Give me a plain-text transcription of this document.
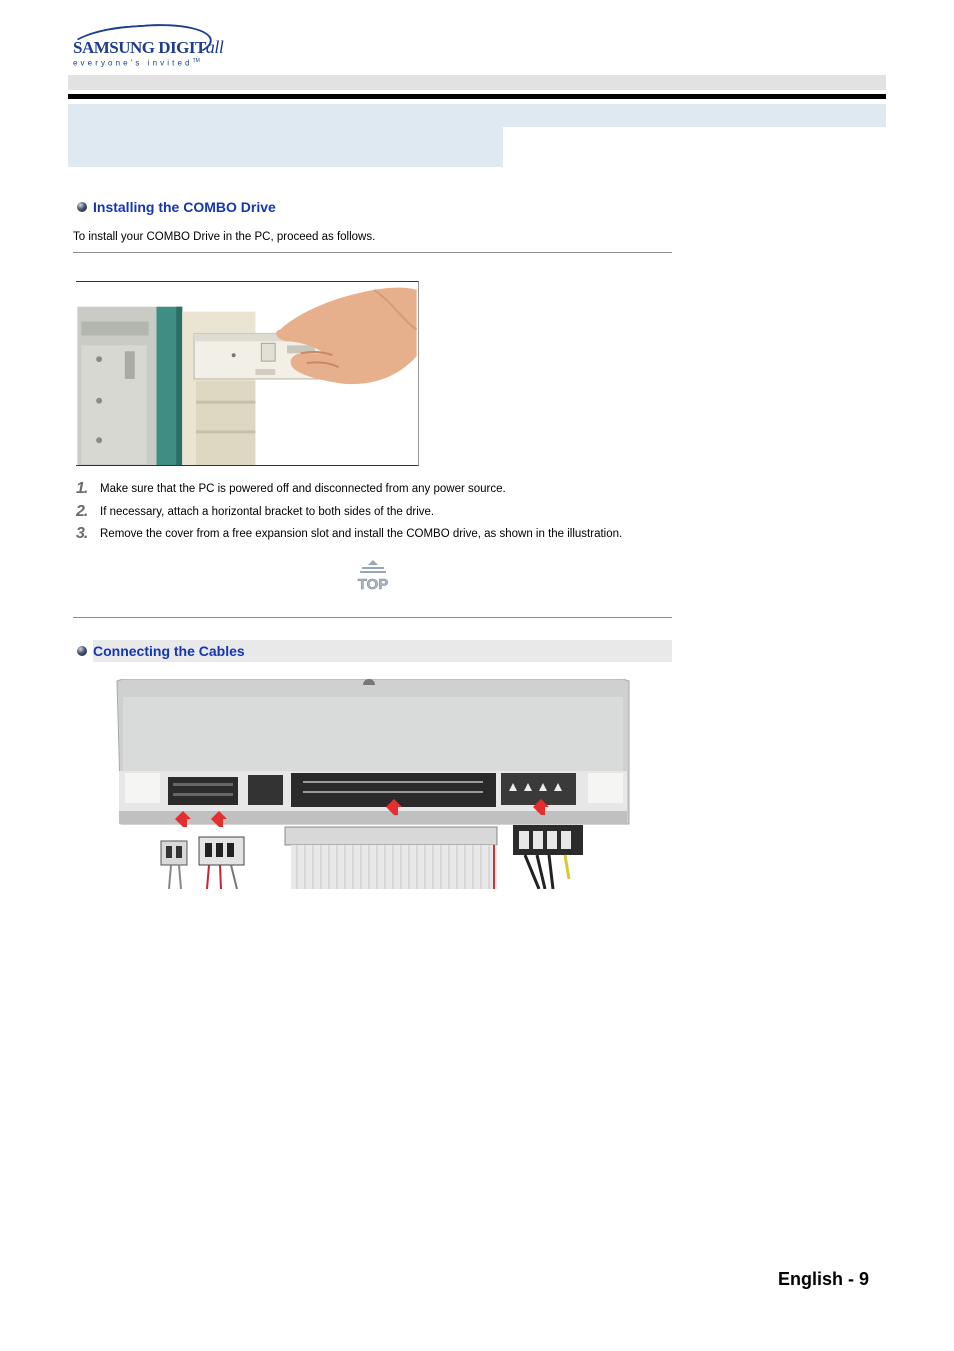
SAMSUNG DIGITall
everyone's invited™
Installing the COMBO Drive
To install your COMBO Drive in the PC, proceed as follows.
1.	Make sure that the PC is powered off and disconnected from any power source.
2.	If necessary, attach a horizontal bracket to both sides of the drive.
3.	Remove the cover from a free expansion slot and install the COMBO drive, as shown in the illustration.
TOP
Connecting the Cables
English - 9
